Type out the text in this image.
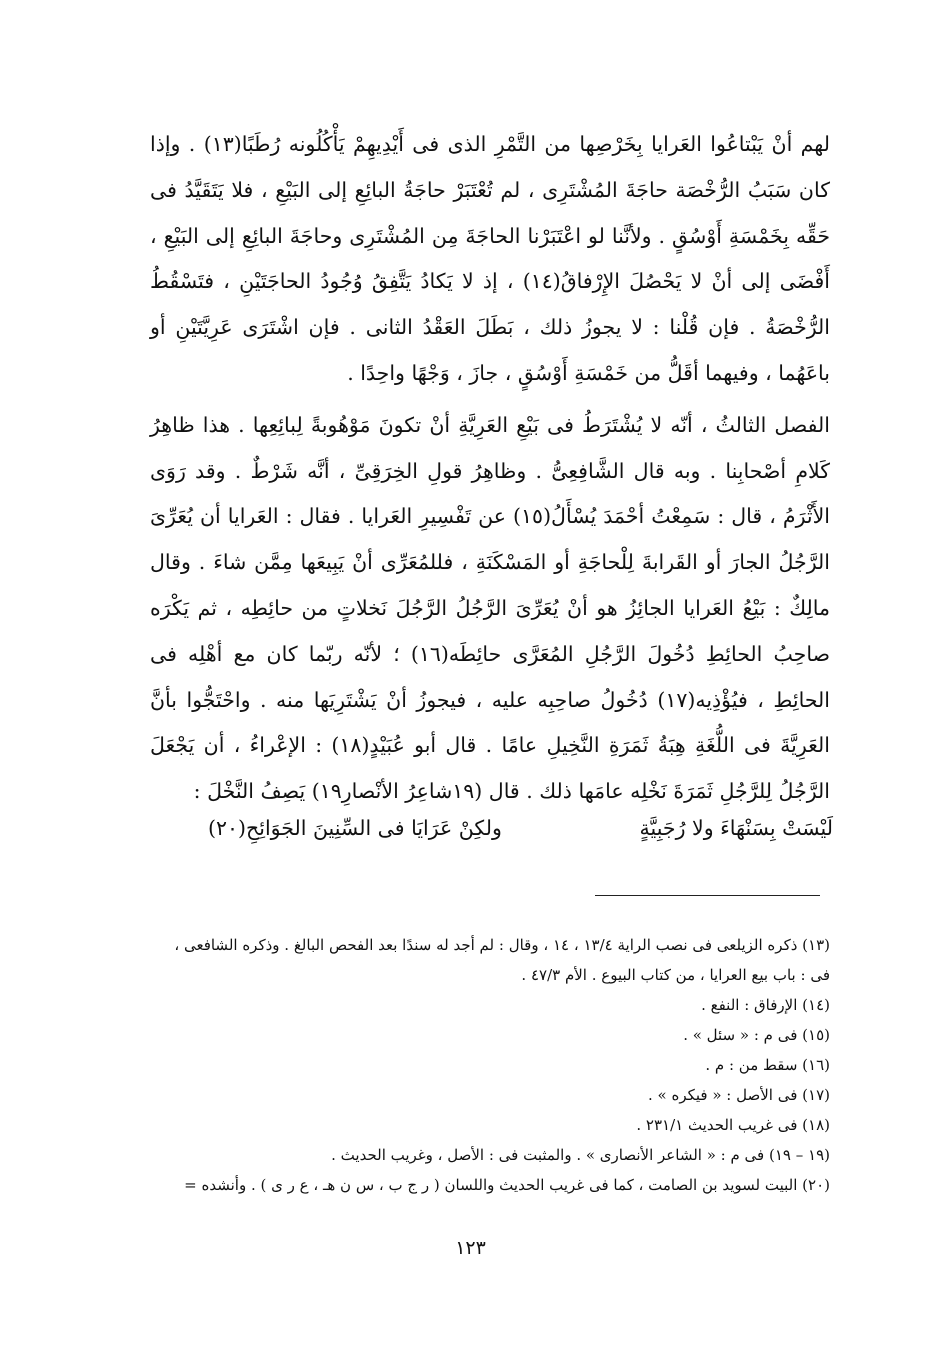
لهم أنْ يَبْتاعُوا العَرايا بِخَرْصِها من التَّمْرِ الذى فى أَيْدِيهِمْ يَأْكُلُونه رُطَبًا(١٣) . وإذا كان سَبَبُ الرُّخْصَة حاجَةَ المُشْتَرِى ، لم تُعْتَبَرْ حاجَةُ البائِعِ إلى البَيْعِ ، فلا يَتَقَيَّدُ فى حَقِّه بِخَمْسَةِ أَوْسُقٍ . ولأنَّنا لو اعْتَبَرْنا الحاجَةَ مِن المُشْتَرِى وحاجَةَ البائِعِ إلى البَيْعِ ، أَفْضَى إلى أنْ لا يَحْصُلَ الإِرْفاقُ(١٤) ، إذ لا يَكادُ يَتَّفِقُ وُجُودُ الحاجَتَيْنِ ، فتَسْقُطُ الرُّخْصَةُ . فإن قُلْنا : لا يجوزُ ذلك ، بَطَلَ العَقْدُ الثانى . فإن اشْتَرَى عَرِيَّتَيْنِ أو باعَهُما ، وفيهما أقَلُّ من خَمْسَةِ أَوْسُقٍ ، جازَ ، وَجْهًا واحِدًا .

الفصل الثالثُ ، أنّه لا يُشْتَرَطُ فى بَيْعِ العَرِيَّةِ أنْ تكونَ مَوْهُوبةً لِبائِعِها . هذا ظاهِرُ كَلامِ أصْحابِنا . وبه قال الشَّافِعِىُّ . وظاهِرُ قولِ الخِرَقِىِّ ، أنَّه شَرْطٌ . وقد رَوَى الأَثْرَمُ ، قال : سَمِعْتُ أحْمَدَ يُسْأَلُ(١٥) عن تَفْسِيرِ العَرايا . فقال : العَرايا أن يُعَرِّىَ الرَّجُلُ الجارَ أو القَرابةَ لِلْحاجَةِ أو المَسْكَنَةِ ، فللمُعَرِّى أنْ يَبِيعَها مِمَّن شاءَ . وقال مالِكٌ : بَيْعُ العَرايا الجائِزُ هو أنْ يُعَرِّىَ الرَّجُلُ الرَّجُلَ نَخلاتٍ من حائِطِه ، ثم يَكْرَه صاحِبُ الحائِطِ دُخُولَ الرَّجُلِ المُعَرَّى حائِطَه(١٦) ؛ لأنّه ربّما كان مع أهْلِه فى الحائِطِ ، فيُؤْذِيه(١٧) دُخُولُ صاحِبِه عليه ، فيجوزُ أنْ يَشْتَرِيَها منه . واحْتَجُّوا بأنَّ العَرِيَّةَ فى اللُّغَةِ هِبَةُ ثَمَرَةِ النَّخِيلِ عامًا . قال أبو عُبَيْدٍ(١٨) : الإعْراءُ ، أن يَجْعَلَ الرَّجُلُ لِلرَّجُلِ ثَمَرَةَ نَخْلِه عامَها ذلك . قال (١٩شاعِرُ الأنْصارِ١٩) يَصِفُ النَّخْلَ :

لَيْسَتْ بِسَنْهَاءَ ولا رُجَبِيَّةٍ
ولكِنْ عَرَايَا فى السِّنِينَ الجَوَائِحِ(٢٠)

(١٣) ذكره الزيلعى فى نصب الراية ١٣/٤ ، ١٤ ، وقال : لم أجد له سندًا بعد الفحص البالغ . وذكره الشافعى ، فى : باب بيع العرايا ، من كتاب البيوع . الأم ٤٧/٣ .

(١٤) الإرفاق : النفع .

(١٥) فى م : « سئل » .

(١٦) سقط من : م .

(١٧) فى الأصل : « فيكره » .

(١٨) فى غريب الحديث ٢٣١/١ .

(١٩ – ١٩) فى م : « الشاعر الأنصارى » . والمثبت فى : الأصل ، وغريب الحديث .

(٢٠) البيت لسويد بن الصامت ، كما فى غريب الحديث واللسان ( ر ج ب ، س ن هـ ، ع ر ى ) . وأنشده =

١٢٣
